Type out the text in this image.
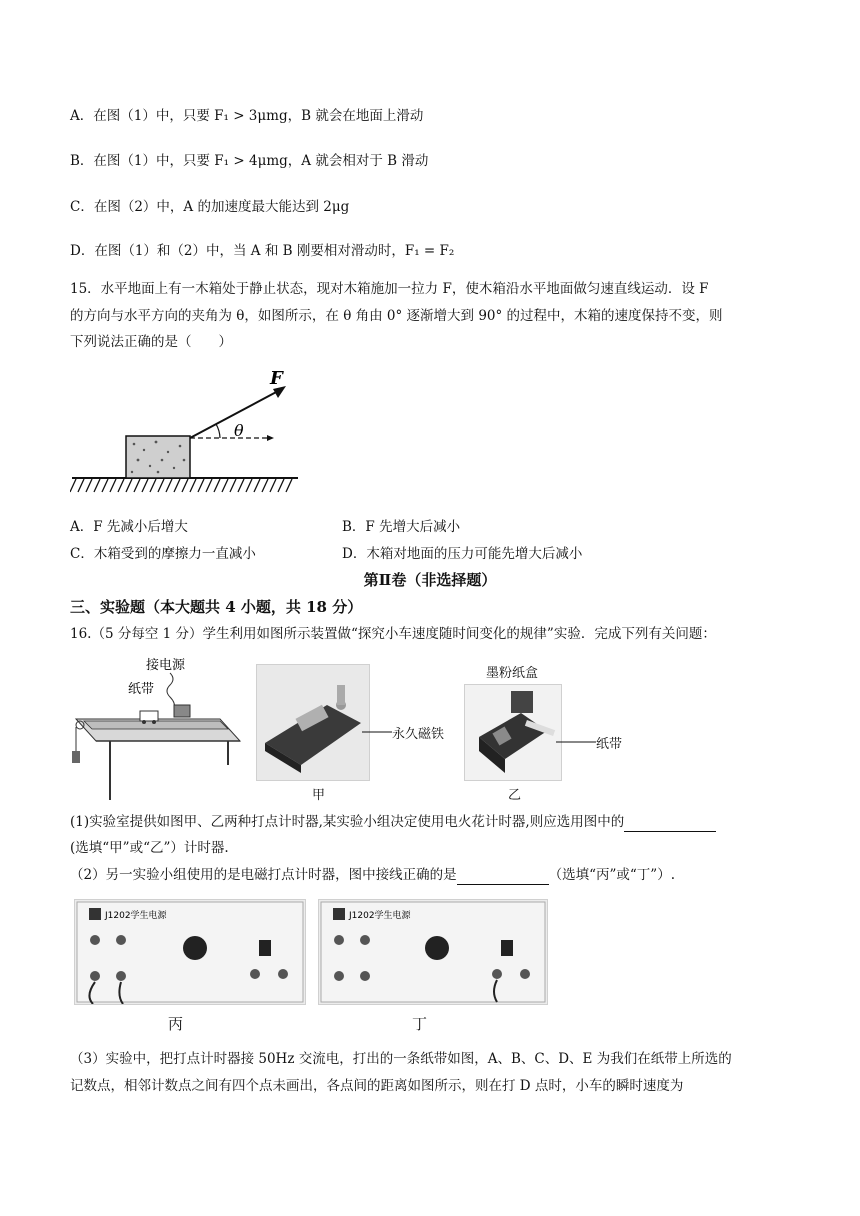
A．在图（1）中，只要 F₁ > 3μmg，B 就会在地面上滑动
B．在图（1）中，只要 F₁ > 4μmg，A 就会相对于 B 滑动
C．在图（2）中，A 的加速度最大能达到 2μg
D．在图（1）和（2）中，当 A 和 B 刚要相对滑动时，F₁ = F₂
15．水平地面上有一木箱处于静止状态，现对木箱施加一拉力 F，使木箱沿水平地面做匀速直线运动．设 F
的方向与水平方向的夹角为 θ，如图所示，在 θ 角由 0° 逐渐增大到 90° 的过程中，木箱的速度保持不变，则
下列说法正确的是（　　）
F
θ
A．F 先减小后增大	B．F 先增大后减小
C．木箱受到的摩擦力一直减小	D．木箱对地面的压力可能先增大后减小
第Ⅱ卷（非选择题）
三、实验题（本大题共 4 小题，共 18 分）
16.（5 分每空 1 分）学生利用如图所示装置做“探究小车速度随时间变化的规律”实验．完成下列有关问题：
接电源
纸带
永久磁铁
甲
墨粉纸盒
纸带
乙
(1)实验室提供如图甲、乙两种打点计时器,某实验小组决定使用电火花计时器,则应选用图中的
(选填“甲”或“乙”）计时器.
（2）另一实验小组使用的是电磁打点计时器，图中接线正确的是	（选填“丙”或“丁”）.
J1202学生电源	J1202学生电源
丙	丁
（3）实验中，把打点计时器接 50Hz 交流电，打出的一条纸带如图，A、B、C、D、E 为我们在纸带上所选的
记数点，相邻计数点之间有四个点未画出，各点间的距离如图所示，则在打 D 点时，小车的瞬时速度为
